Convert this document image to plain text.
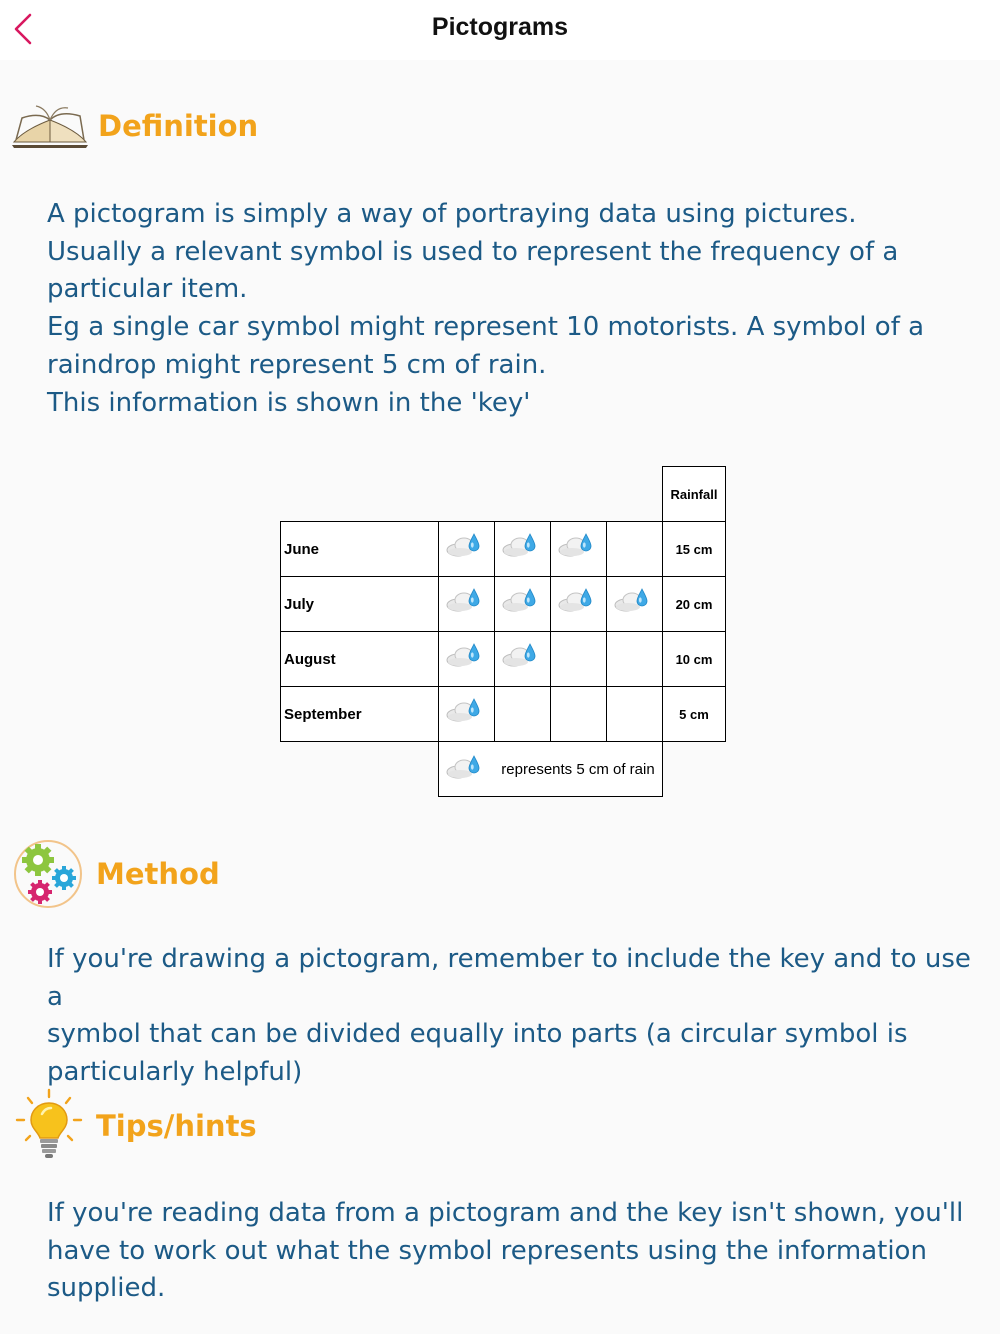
Pictograms
Definition

A pictogram is simply a way of portraying data using pictures.

Usually a relevant symbol is used to represent the frequency of a

particular item.

Eg a single car symbol might represent 10 motorists. A symbol of a

raindrop might represent 5 cm of rain.

This information is shown in the 'key'

Rainfall
June	15 cm
July	20 cm
August	10 cm
September	5 cm
represents 5 cm of rain
Method

If you're drawing a pictogram, remember to include the key and to use a

symbol that can be divided equally into parts (a circular symbol is

particularly helpful)

Tips/hints

If you're reading data from a pictogram and the key isn't shown, you'll

have to work out what the symbol represents using the information

supplied.
